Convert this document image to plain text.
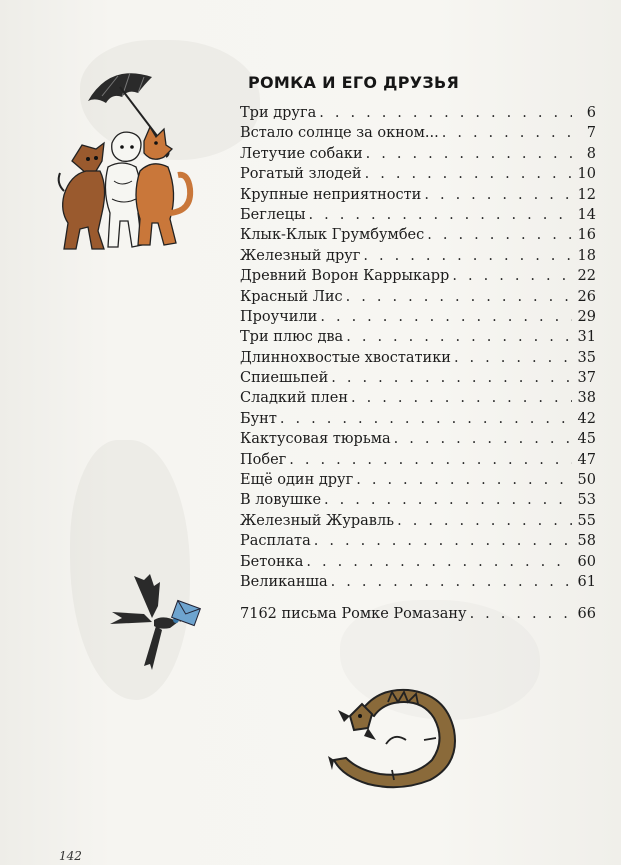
РОМКА И ЕГО ДРУЗЬЯ
Три друга . . .	6
Встало солнце за окном... . . .	7
Летучие собаки . . .	8
Рогатый злодей . . .	10
Крупные неприятности . . .	12
Беглецы . . .	14
Клык-Клык Грумбумбес . . .	16
Железный друг . . .	18
Древний Ворон Каррыкарр . . .	22
Красный Лис . . .	26
Проучили . . .	29
Три плюс два . . .	31
Длиннохвостые хвостатики . . .	35
Спиешьпей . . .	37
Сладкий плен . . .	38
Бунт . . .	42
Кактусовая тюрьма . . .	45
Побег . . .	47
Ещё один друг . . .	50
В ловушке . . .	53
Железный Журавль . . .	55
Расплата . . .	58
Бетонка . . .	60
Великанша . . .	61
7162 письма Ромке Ромазану . . .	66
142
